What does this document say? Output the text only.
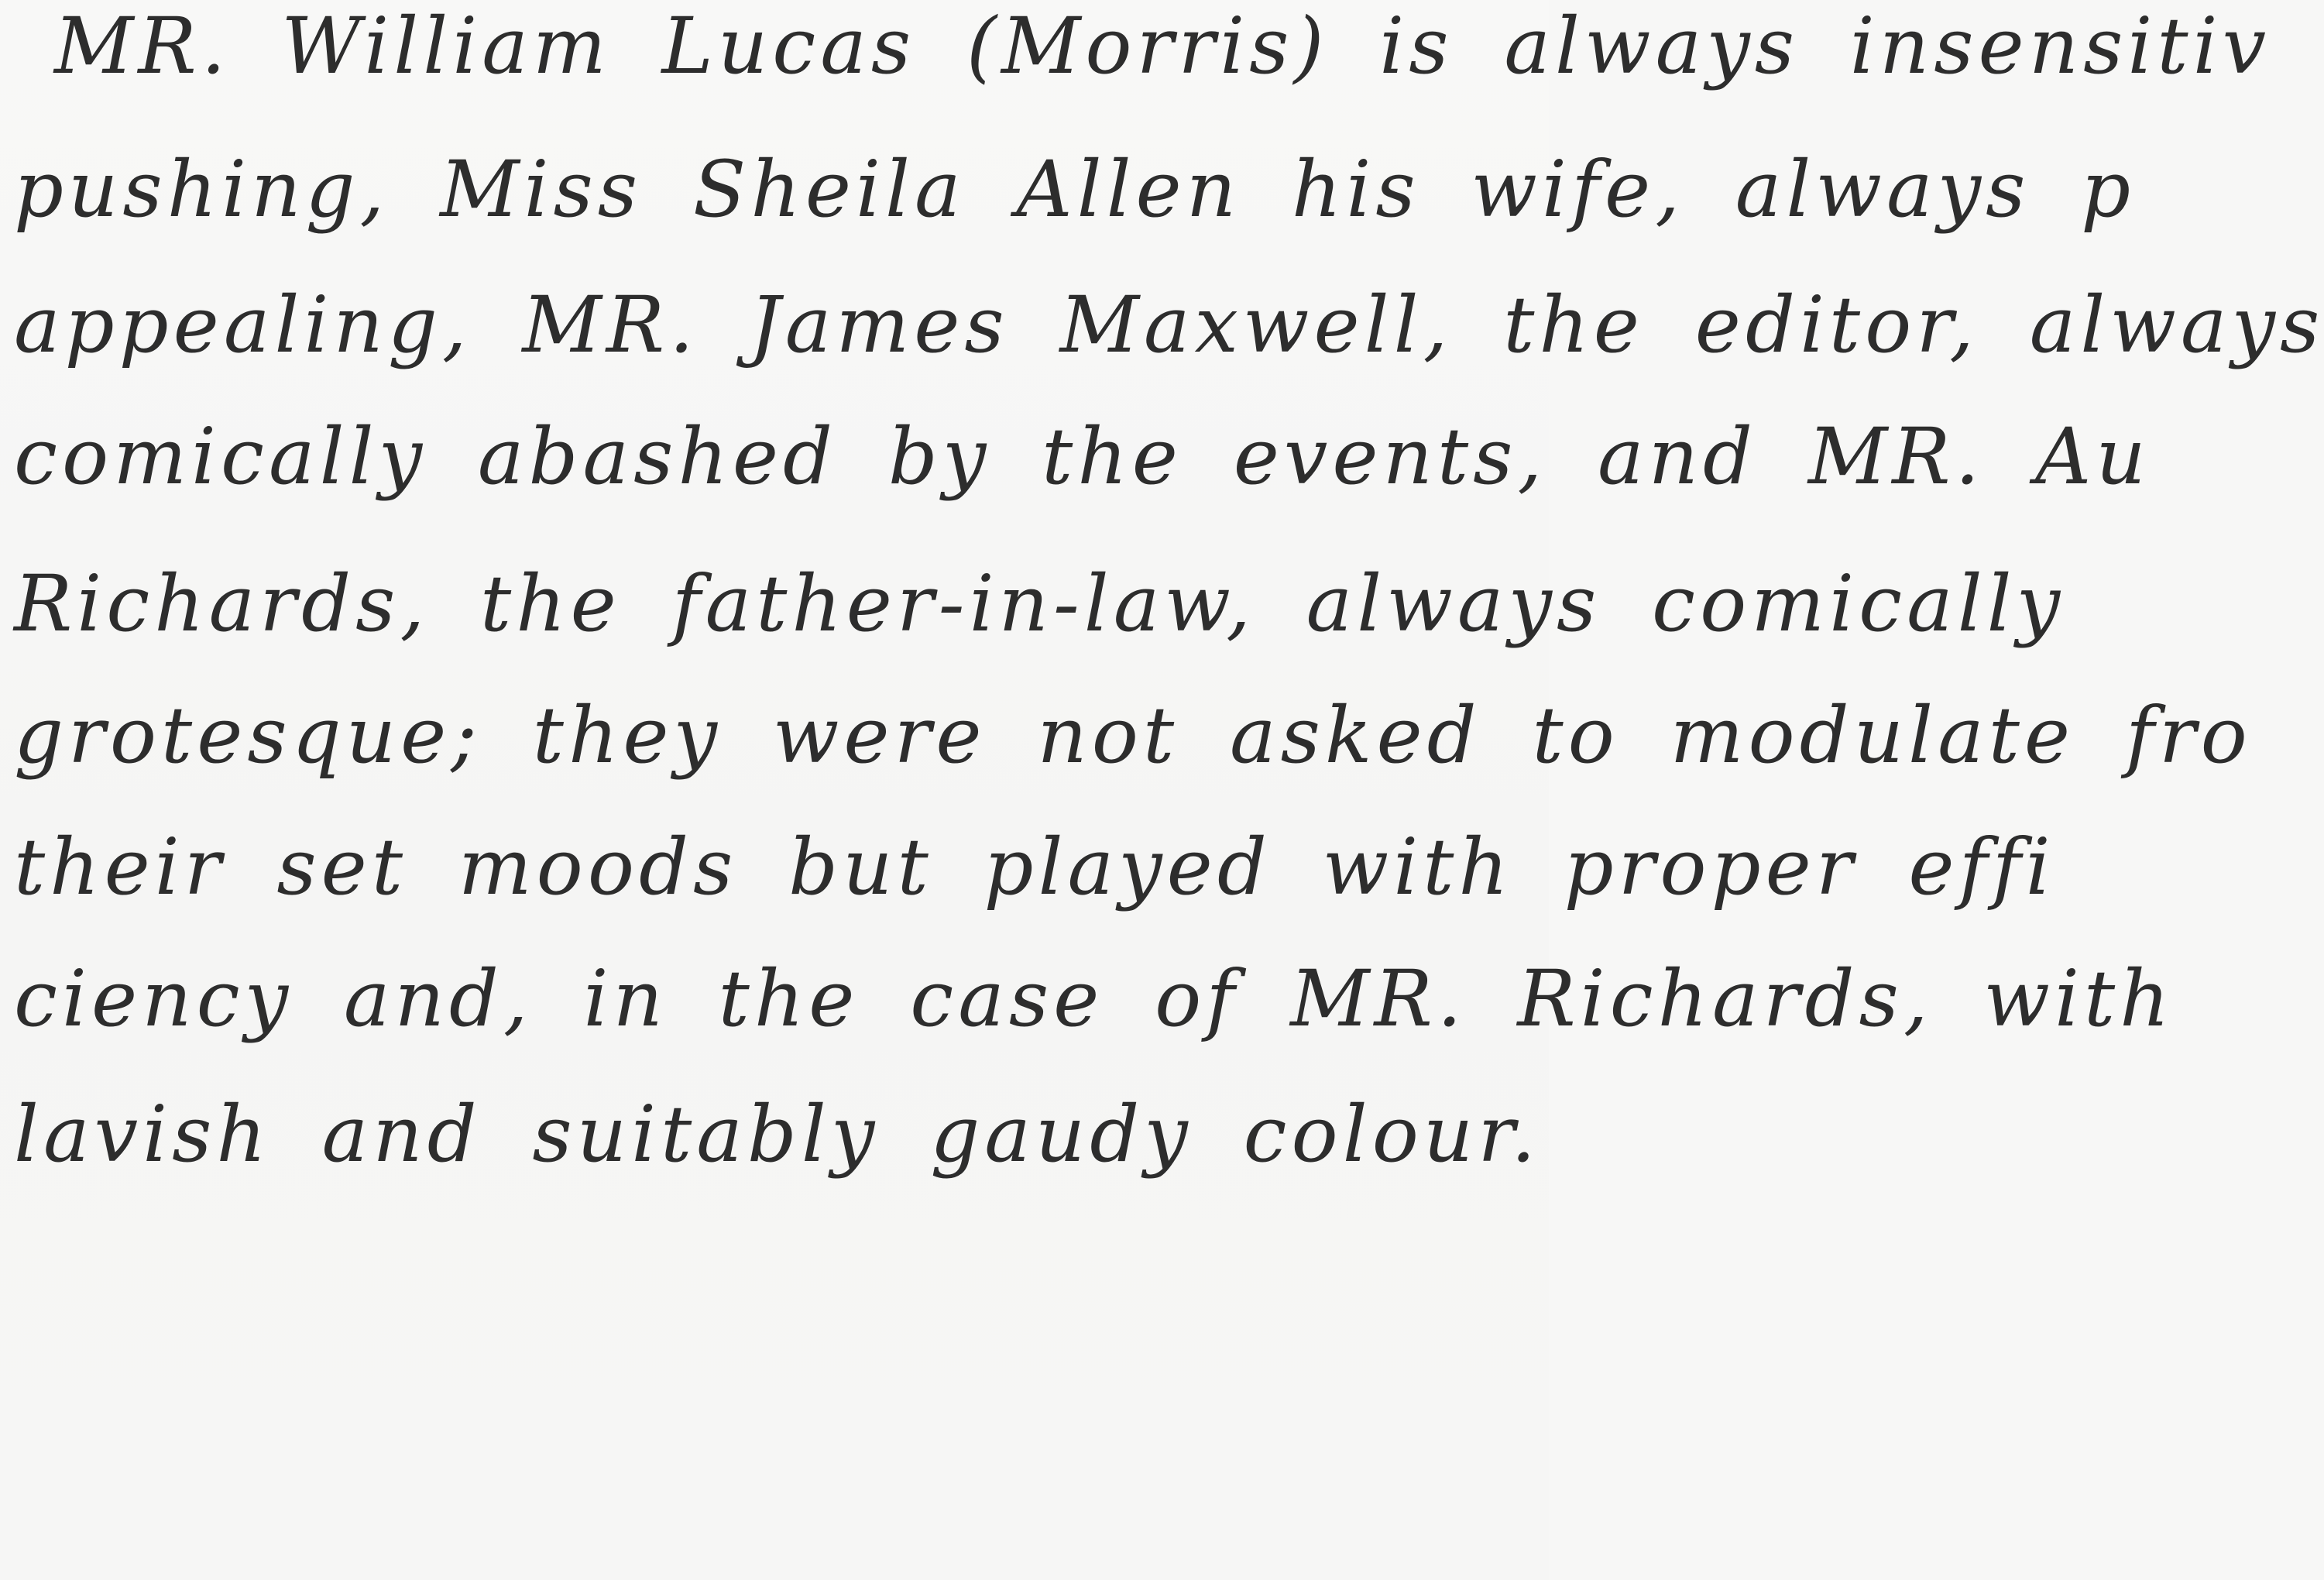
MR. William Lucas (Morris) is always insensitiv
pushing, Miss Sheila Allen his wife, always p
appealing, MR. James Maxwell, the editor, always
comically abashed by the events, and MR. Au
Richards, the father-in-law, always comically
grotesque; they were not asked to modulate fro
their set moods but played with proper effi
ciency and, in the case of MR. Richards, with
lavish and suitably gaudy colour.
